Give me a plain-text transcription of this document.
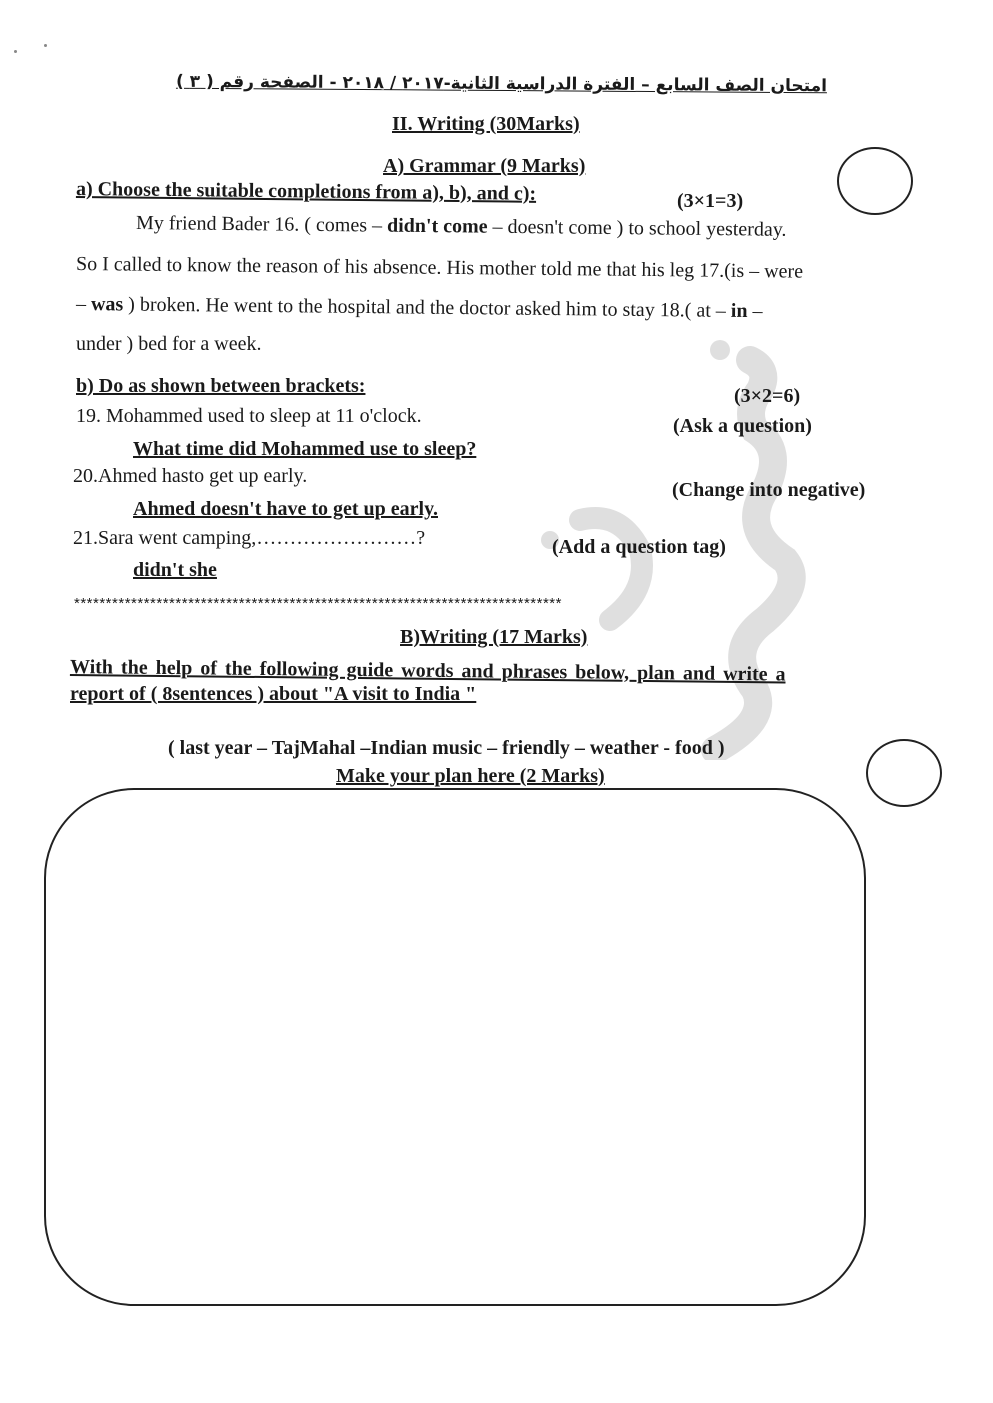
امتحان الصف السابع – الفترة الدراسية الثانية-٢٠١٧ / ٢٠١٨ - الصفحة رقم ( ٣ )
II. Writing (30Marks)
A) Grammar (9 Marks)
a) Choose the suitable completions from a), b), and c):	(3×1=3)
My friend Bader 16. ( comes – didn't come – doesn't come ) to school yesterday.
So I called to know the reason of his absence. His mother told me that his leg 17.(is – were
– was ) broken. He went to the hospital and the doctor asked him to stay 18.( at – in –
under ) bed for a week.
b) Do as shown between brackets:	(3×2=6)
19. Mohammed used to sleep at 11 o'clock.	(Ask a question)
What time did Mohammed use to sleep?
20.Ahmed hasto get up early.
(Change into negative)
Ahmed doesn't have to get up early.
21.Sara went camping,……………………?	(Add a question tag)
didn't she
*****************************************************************************
B)Writing (17 Marks)
With the help of the following guide words and phrases below, plan and write a
report of ( 8sentences ) about "A visit to India "
( last year – TajMahal –Indian music – friendly – weather - food )
Make your plan here (2 Marks)
